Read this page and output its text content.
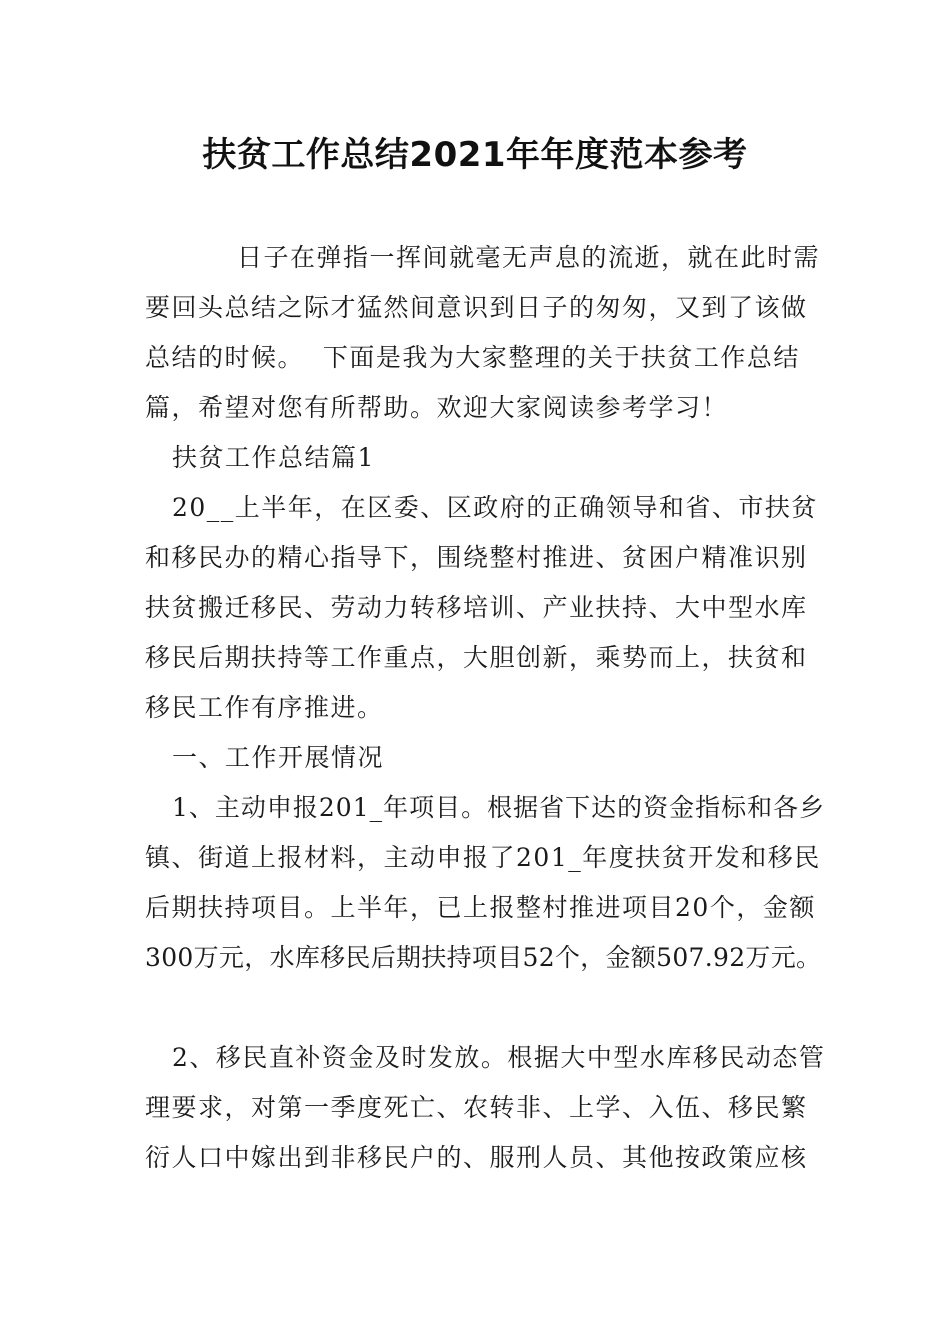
扶贫工作总结2021年年度范本参考
日子在弹指一挥间就毫无声息的流逝，就在此时需
要回头总结之际才猛然间意识到日子的匆匆，又到了该做
总结的时候。  下面是我为大家整理的关于扶贫工作总结
篇，希望对您有所帮助。欢迎大家阅读参考学习！
扶贫工作总结篇1
20__上半年，在区委、区政府的正确领导和省、市扶贫
和移民办的精心指导下，围绕整村推进、贫困户精准识别
扶贫搬迁移民、劳动力转移培训、产业扶持、大中型水库
移民后期扶持等工作重点，大胆创新，乘势而上，扶贫和
移民工作有序推进。
一、工作开展情况
1、主动申报201_年项目。根据省下达的资金指标和各乡
镇、街道上报材料，主动申报了201_年度扶贫开发和移民
后期扶持项目。上半年，已上报整村推进项目20个，金额
300万元，水库移民后期扶持项目52个，金额507.92万元。
2、移民直补资金及时发放。根据大中型水库移民动态管
理要求，对第一季度死亡、农转非、上学、入伍、移民繁
衍人口中嫁出到非移民户的、服刑人员、其他按政策应核
